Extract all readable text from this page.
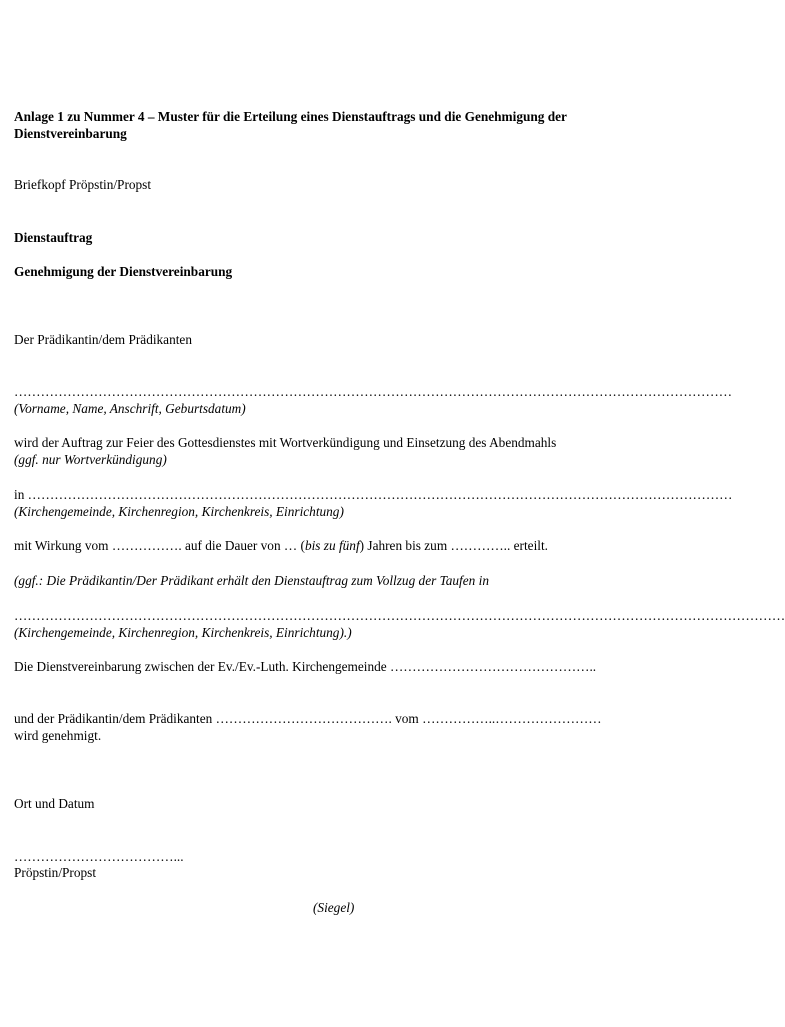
Anlage 1 zu Nummer 4 – Muster für die Erteilung eines Dienstauftrags und die Genehmigung der
Dienstvereinbarung
Briefkopf Pröpstin/Propst
Dienstauftrag
Genehmigung der Dienstvereinbarung
Der Prädikantin/dem Prädikanten
………………………………………………………………………………………………………………………………………………
(Vorname, Name, Anschrift, Geburtsdatum)
wird der Auftrag zur Feier des Gottesdienstes mit Wortverkündigung und Einsetzung des Abendmahls
(ggf. nur Wortverkündigung)
in ……………………………………………………………………………………………………………………………………………
(Kirchengemeinde, Kirchenregion, Kirchenkreis, Einrichtung)
mit Wirkung vom ……………. auf die Dauer von … (bis zu fünf) Jahren bis zum ………….. erteilt.
(ggf.: Die Prädikantin/Der Prädikant erhält den Dienstauftrag zum Vollzug der Taufen in
…………………………………………………………………………………………………………………………………………………………
(Kirchengemeinde, Kirchenregion, Kirchenkreis, Einrichtung).)
Die Dienstvereinbarung zwischen der Ev./Ev.-Luth. Kirchengemeinde ………………………………………..
und der Prädikantin/dem Prädikanten …………………………………. vom ……………..……………………
wird genehmigt.
Ort und Datum
………………………………...
Pröpstin/Propst
(Siegel)
